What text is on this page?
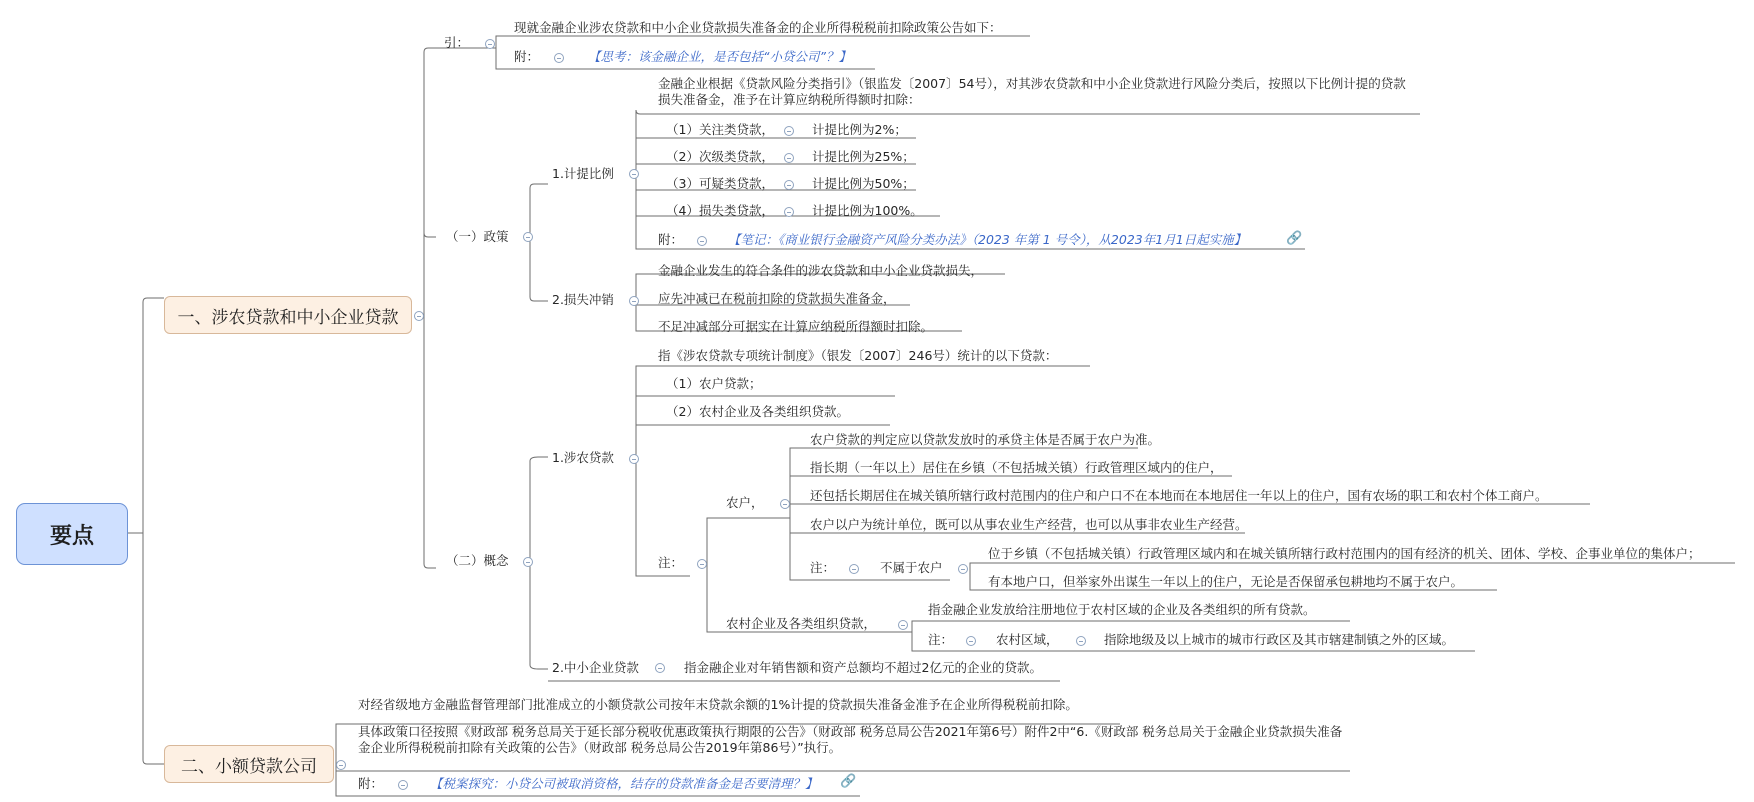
要点
一、涉农贷款和中小企业贷款
二、小额贷款公司
引：
现就金融企业涉农贷款和中小企业贷款损失准备金的企业所得税税前扣除政策公告如下：
附：	【思考：该金融企业，是否包括“小贷公司”？】
（一）政策
1.计提比例
金融企业根据《贷款风险分类指引》（银监发〔2007〕54号），对其涉农贷款和中小企业贷款进行风险分类后，按照以下比例计提的贷款损失准备金，准予在计算应纳税所得额时扣除：
（1）关注类贷款，	计提比例为2%；
（2）次级类贷款，	计提比例为25%；
（3）可疑类贷款，	计提比例为50%；
（4）损失类贷款，	计提比例为100%。
附：	【笔记：《商业银行金融资产风险分类办法》（2023 年第 1 号令），从2023年1月1日起实施】	🔗
2.损失冲销
金融企业发生的符合条件的涉农贷款和中小企业贷款损失，
应先冲减已在税前扣除的贷款损失准备金，
不足冲减部分可据实在计算应纳税所得额时扣除。
（二）概念
1.涉农贷款
指《涉农贷款专项统计制度》（银发〔2007〕246号）统计的以下贷款：
（1）农户贷款；
（2）农村企业及各类组织贷款。
注：
农户，
农户贷款的判定应以贷款发放时的承贷主体是否属于农户为准。
指长期（一年以上）居住在乡镇（不包括城关镇）行政管理区域内的住户，
还包括长期居住在城关镇所辖行政村范围内的住户和户口不在本地而在本地居住一年以上的住户，国有农场的职工和农村个体工商户。
农户以户为统计单位，既可以从事农业生产经营，也可以从事非农业生产经营。
注：	不属于农户
位于乡镇（不包括城关镇）行政管理区域内和在城关镇所辖行政村范围内的国有经济的机关、团体、学校、企事业单位的集体户；
有本地户口，但举家外出谋生一年以上的住户，无论是否保留承包耕地均不属于农户。
农村企业及各类组织贷款，
指金融企业发放给注册地位于农村区域的企业及各类组织的所有贷款。
注：	农村区域，	指除地级及以上城市的城市行政区及其市辖建制镇之外的区域。
2.中小企业贷款	指金融企业对年销售额和资产总额均不超过2亿元的企业的贷款。
对经省级地方金融监督管理部门批准成立的小额贷款公司按年末贷款余额的1%计提的贷款损失准备金准予在企业所得税税前扣除。
具体政策口径按照《财政部 税务总局关于延长部分税收优惠政策执行期限的公告》（财政部 税务总局公告2021年第6号）附件2中“6.《财政部 税务总局关于金融企业贷款损失准备金企业所得税税前扣除有关政策的公告》（财政部 税务总局公告2019年第86号）”执行。
附：	【税案探究：小贷公司被取消资格，结存的贷款准备金是否要清理？】 🔗
